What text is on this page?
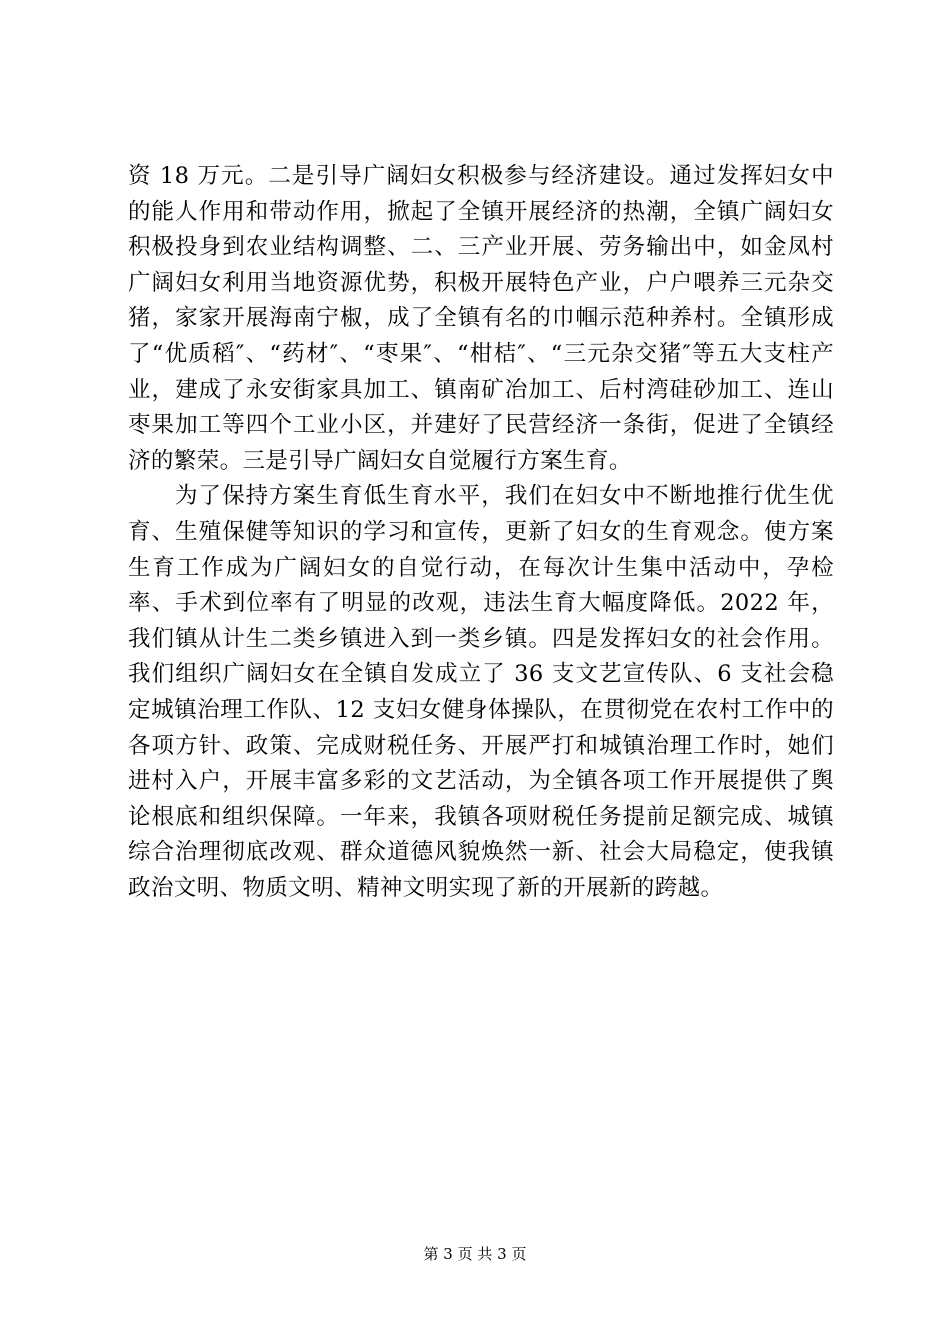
资 18 万元。二是引导广阔妇女积极参与经济建设。通过发挥妇女中的能人作用和带动作用，掀起了全镇开展经济的热潮，全镇广阔妇女积极投身到农业结构调整、二、三产业开展、劳务输出中，如金凤村广阔妇女利用当地资源优势，积极开展特色产业，户户喂养三元杂交猪，家家开展海南宁椒，成了全镇有名的巾帼示范种养村。全镇形成了“优质稻″、“药材″、“枣果″、“柑桔″、“三元杂交猪″等五大支柱产业，建成了永安街家具加工、镇南矿冶加工、后村湾硅砂加工、连山枣果加工等四个工业小区，并建好了民营经济一条街，促进了全镇经济的繁荣。三是引导广阔妇女自觉履行方案生育。

为了保持方案生育低生育水平，我们在妇女中不断地推行优生优育、生殖保健等知识的学习和宣传，更新了妇女的生育观念。使方案生育工作成为广阔妇女的自觉行动，在每次计生集中活动中，孕检率、手术到位率有了明显的改观，违法生育大幅度降低。2022 年，我们镇从计生二类乡镇进入到一类乡镇。四是发挥妇女的社会作用。我们组织广阔妇女在全镇自发成立了 36 支文艺宣传队、6 支社会稳定城镇治理工作队、12 支妇女健身体操队，在贯彻党在农村工作中的各项方针、政策、完成财税任务、开展严打和城镇治理工作时，她们进村入户，开展丰富多彩的文艺活动，为全镇各项工作开展提供了舆论根底和组织保障。一年来，我镇各项财税任务提前足额完成、城镇综合治理彻底改观、群众道德风貌焕然一新、社会大局稳定，使我镇政治文明、物质文明、精神文明实现了新的开展新的跨越。

第 3 页 共 3 页
